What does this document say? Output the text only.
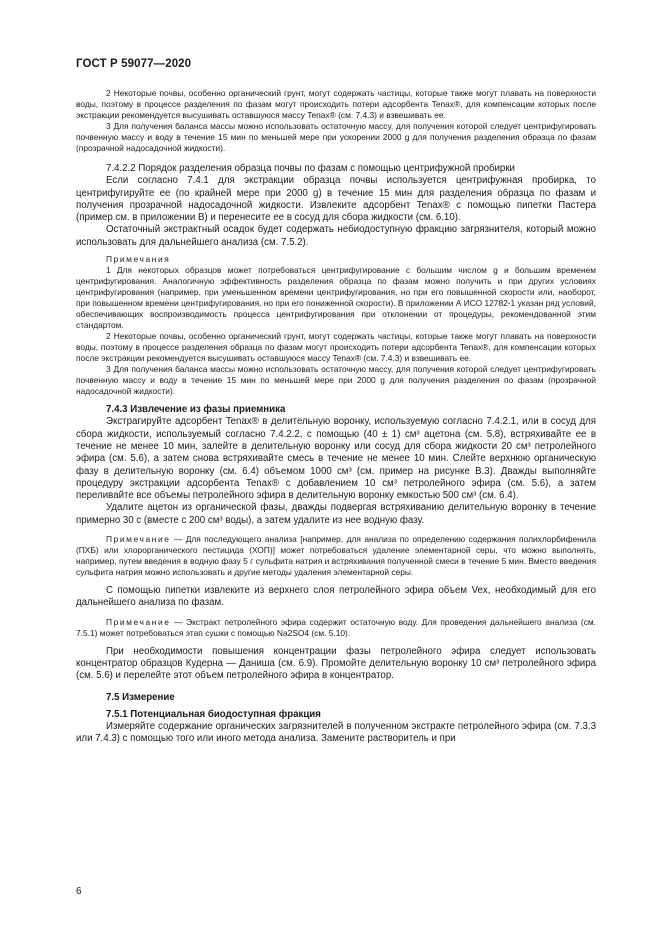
ГОСТ Р 59077—2020

2 Некоторые почвы, особенно органический грунт, могут содержать частицы, которые также могут плавать на поверхности воды, поэтому в процессе разделения по фазам могут происходить потери адсорбента Tenax®, для компенсации которых после экстракции рекомендуется высушивать оставшуюся массу Tenax® (см. 7.4.3) и взвешивать ее.

3 Для получения баланса массы можно использовать остаточную массу, для получения которой следует центрифугировать почвенную массу и воду в течение 15 мин по меньшей мере при ускорении 2000 g для получения разделения образца по фазам (прозрачной надосадочной жидкости).

7.4.2.2 Порядок разделения образца почвы по фазам с помощью центрифужной пробирки

Если согласно 7.4.1 для экстракции образца почвы используется центрифужная пробирка, то центрифугируйте ее (по крайней мере при 2000 g) в течение 15 мин для разделения образца по фазам и получения прозрачной надосадочной жидкости. Извлеките адсорбент Tenax® с помощью пипетки Пастера (пример см. в приложении В) и перенесите ее в сосуд для сбора жидкости (см. 6.10).

Остаточный экстрактный осадок будет содержать небиодоступную фракцию загрязнителя, который можно использовать для дальнейшего анализа (см. 7.5.2).

Примечания

1 Для некоторых образцов может потребоваться центрифугирование с большим числом g и большим временем центрифугирования. Аналогичную эффективность разделения образца по фазам можно получить и при других условиях центрифугирования (например, при уменьшенном времени центрифугирования, но при его повышенной скорости или, наоборот, при повышенном времени центрифугирования, но при его пониженной скорости). В приложении А ИСО 12782-1 указан ряд условий, обеспечивающих воспроизводимость процесса центрифугирования при отклонении от процедуры, рекомендованной этим стандартом.

2 Некоторые почвы, особенно органический грунт, могут содержать частицы, которые также могут плавать на поверхности воды, поэтому в процессе разделения образца по фазам могут происходить потери адсорбента Tenax®, для компенсации которых после экстракции рекомендуется высушивать оставшуюся массу Tenax® (см. 7.4.3) и взвешивать ее.

3 Для получения баланса массы можно использовать остаточную массу, для получения которой следует центрифугировать почвенную массу и воду в течение 15 мин по меньшей мере при 2000 g для получения разделения по фазам (прозрачной надосадочной жидкости).

7.4.3 Извлечение из фазы приемника

Экстрагируйте адсорбент Tenax® в делительную воронку, используемую согласно 7.4.2.1, или в сосуд для сбора жидкости, используемый согласно 7.4.2.2, с помощью (40 ± 1) см³ ацетона (см. 5.8), встряхивайте ее в течение не менее 10 мин, залейте в делительную воронку или сосуд для сбора жидкости 20 см³ петролейного эфира (см. 5.6), а затем снова встряхивайте смесь в течение не менее 10 мин. Слейте верхнюю органическую фазу в делительную воронку (см. 6.4) объемом 1000 см³ (см. пример на рисунке В.3). Дважды выполняйте процедуру экстракции адсорбента Tenax® с добавлением 10 см³ петролейного эфира (см. 5.6), а затем переливайте все объемы петролейного эфира в делительную воронку емкостью 500 см³ (см. 6.4).

Удалите ацетон из органической фазы, дважды подвергая встряхиванию делительную воронку в течение примерно 30 с (вместе с 200 см³ воды), а затем удалите из нее водную фазу.

Примечание — Для последующего анализа [например, для анализа по определению содержания полихлорбифенила (ПХБ) или хлорорганического пестицида (ХОП)] может потребоваться удаление элементарной серы, что можно выполнять, например, путем введения в водную фазу 5 г сульфита натрия и встряхивания полученной смеси в течение 5 мин. Вместо введения сульфита натрия можно использовать и другие методы удаления элементарной серы.

С помощью пипетки извлеките из верхнего слоя петролейного эфира объем Vex, необходимый для его дальнейшего анализа по фазам.

Примечание — Экстракт петролейного эфира содержит остаточную воду. Для проведения дальнейшего анализа (см. 7.5.1) может потребоваться этап сушки с помощью Na2SO4 (см. 5.10).

При необходимости повышения концентрации фазы петролейного эфира следует использовать концентратор образцов Кудерна — Даниша (см. 6.9). Промойте делительную воронку 10 см³ петролейного эфира (см. 5.6) и перелейте этот объем петролейного эфира в концентратор.

7.5 Измерение

7.5.1 Потенциальная биодоступная фракция

Измеряйте содержание органических загрязнителей в полученном экстракте петролейного эфира (см. 7.3.3 или 7.4.3) с помощью того или иного метода анализа. Замените растворитель и при

6
